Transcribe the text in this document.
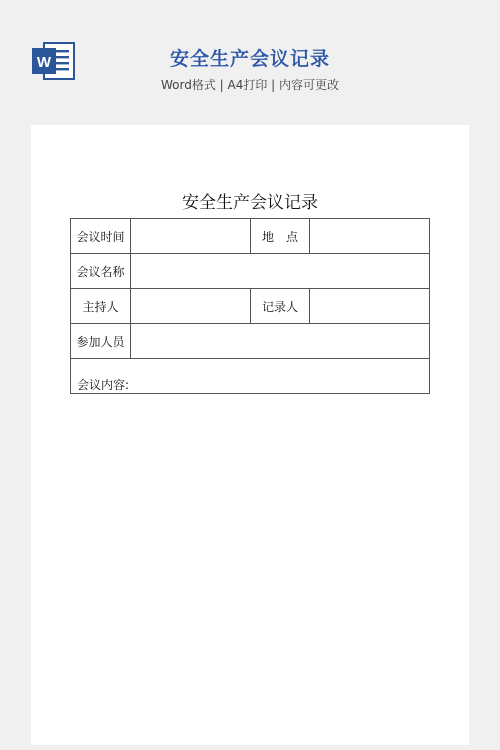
W	安全生产会议记录
Word格式 | A4打印 | 内容可更改
安全生产会议记录
会议时间		地　点	
会议名称			
主持人		记录人	
参加人员			

会议内容:			
